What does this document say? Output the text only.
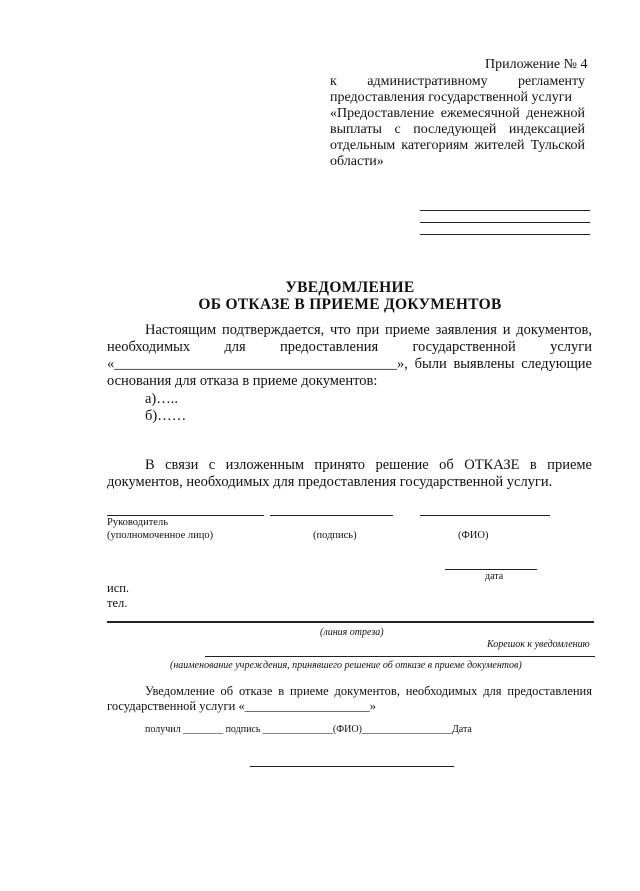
Приложение № 4
к административному регламенту
предоставления государственной услуги
«Предоставление ежемесячной денежной
выплаты с последующей индексацией
отдельным категориям жителей Тульской
области»
УВЕДОМЛЕНИЕ
ОБ ОТКАЗЕ В ПРИЕМЕ ДОКУМЕНТОВ
Настоящим подтверждается, что при приеме заявления и документов,
необходимых для предоставления государственной услуги
«_______________________________________», были выявлены следующие
основания для отказа в приеме документов:
а)…..
б)……
В связи с изложенным принято решение об ОТКАЗЕ в приеме
документов, необходимых для предоставления государственной услуги.
Руководитель
(уполномоченное лицо)	(подпись)	(ФИО)
дата
исп.
тел.
(линия отреза)
Корешок к уведомлению
(наименование учреждения, принявшего решение об отказе в приеме документов)
Уведомление об отказе в приеме документов, необходимых для предоставления
государственной услуги «____________________»
получил ________ подпись ______________(ФИО)__________________Дата
